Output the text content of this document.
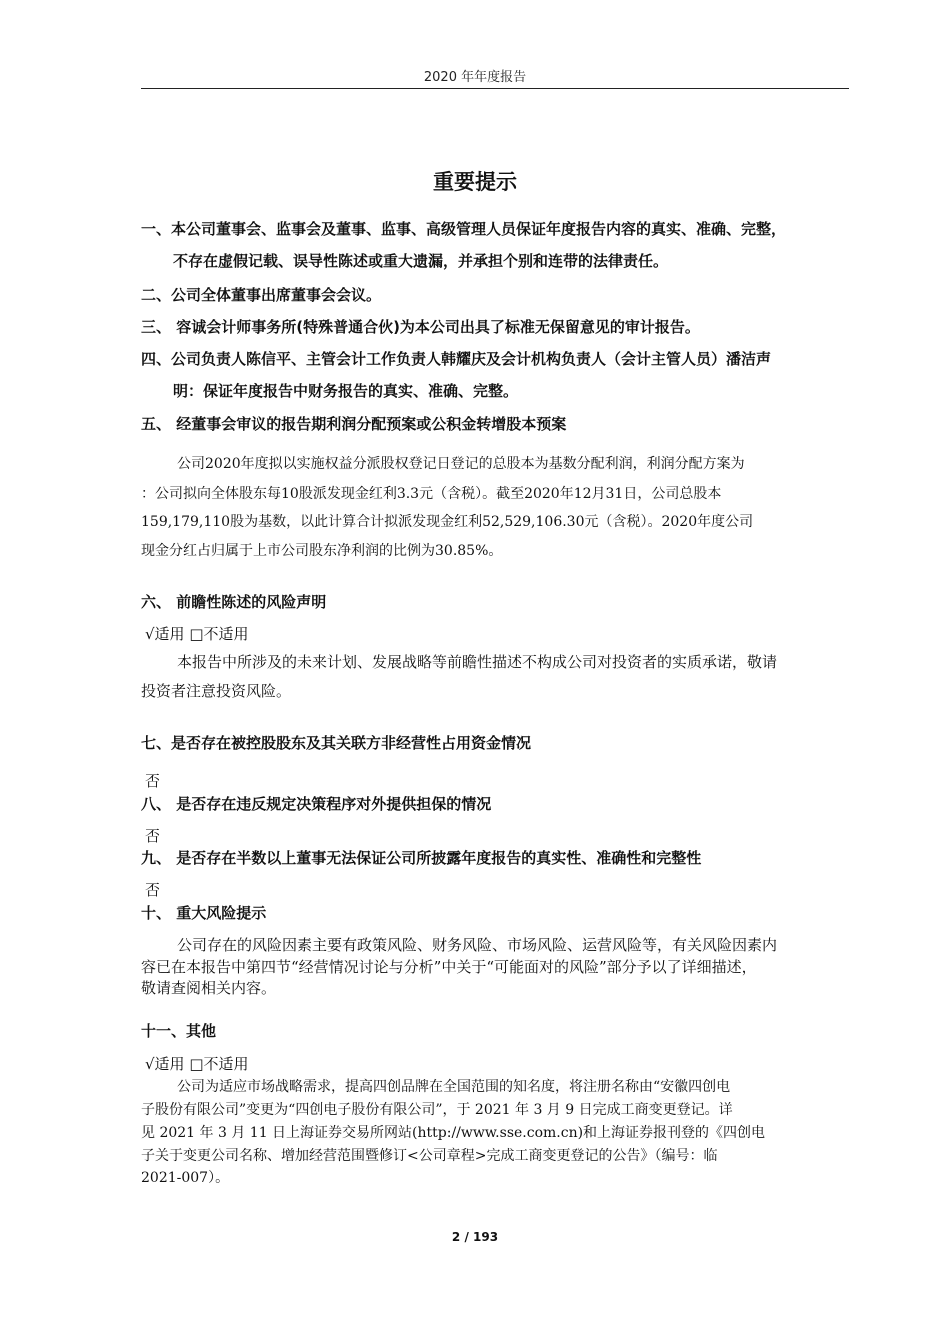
2020 年年度报告
重要提示
一、本公司董事会、监事会及董事、监事、高级管理人员保证年度报告内容的真实、准确、完整，
不存在虚假记载、误导性陈述或重大遗漏，并承担个别和连带的法律责任。
二、公司全体董事出席董事会会议。
三、 容诚会计师事务所(特殊普通合伙)为本公司出具了标准无保留意见的审计报告。
四、公司负责人陈信平、主管会计工作负责人韩耀庆及会计机构负责人（会计主管人员）潘洁声
明：保证年度报告中财务报告的真实、准确、完整。
五、 经董事会审议的报告期利润分配预案或公积金转增股本预案
公司2020年度拟以实施权益分派股权登记日登记的总股本为基数分配利润，利润分配方案为
：公司拟向全体股东每10股派发现金红利3.3元（含税）。截至2020年12月31日，公司总股本
159,179,110股为基数，以此计算合计拟派发现金红利52,529,106.30元（含税）。2020年度公司
现金分红占归属于上市公司股东净利润的比例为30.85%。
六、 前瞻性陈述的风险声明
√适用 □不适用
本报告中所涉及的未来计划、发展战略等前瞻性描述不构成公司对投资者的实质承诺，敬请
投资者注意投资风险。
七、是否存在被控股股东及其关联方非经营性占用资金情况
否
八、 是否存在违反规定决策程序对外提供担保的情况
否
九、 是否存在半数以上董事无法保证公司所披露年度报告的真实性、准确性和完整性
否
十、 重大风险提示
公司存在的风险因素主要有政策风险、财务风险、市场风险、运营风险等，有关风险因素内
容已在本报告中第四节“经营情况讨论与分析”中关于“可能面对的风险”部分予以了详细描述，
敬请查阅相关内容。
十一、其他
√适用 □不适用
公司为适应市场战略需求，提高四创品牌在全国范围的知名度，将注册名称由“安徽四创电
子股份有限公司”变更为“四创电子股份有限公司”，于 2021 年 3 月 9 日完成工商变更登记。详
见 2021 年 3 月 11 日上海证券交易所网站(http://www.sse.com.cn)和上海证券报刊登的《四创电
子关于变更公司名称、增加经营范围暨修订<公司章程>完成工商变更登记的公告》（编号：临
2021-007）。
2 / 193
